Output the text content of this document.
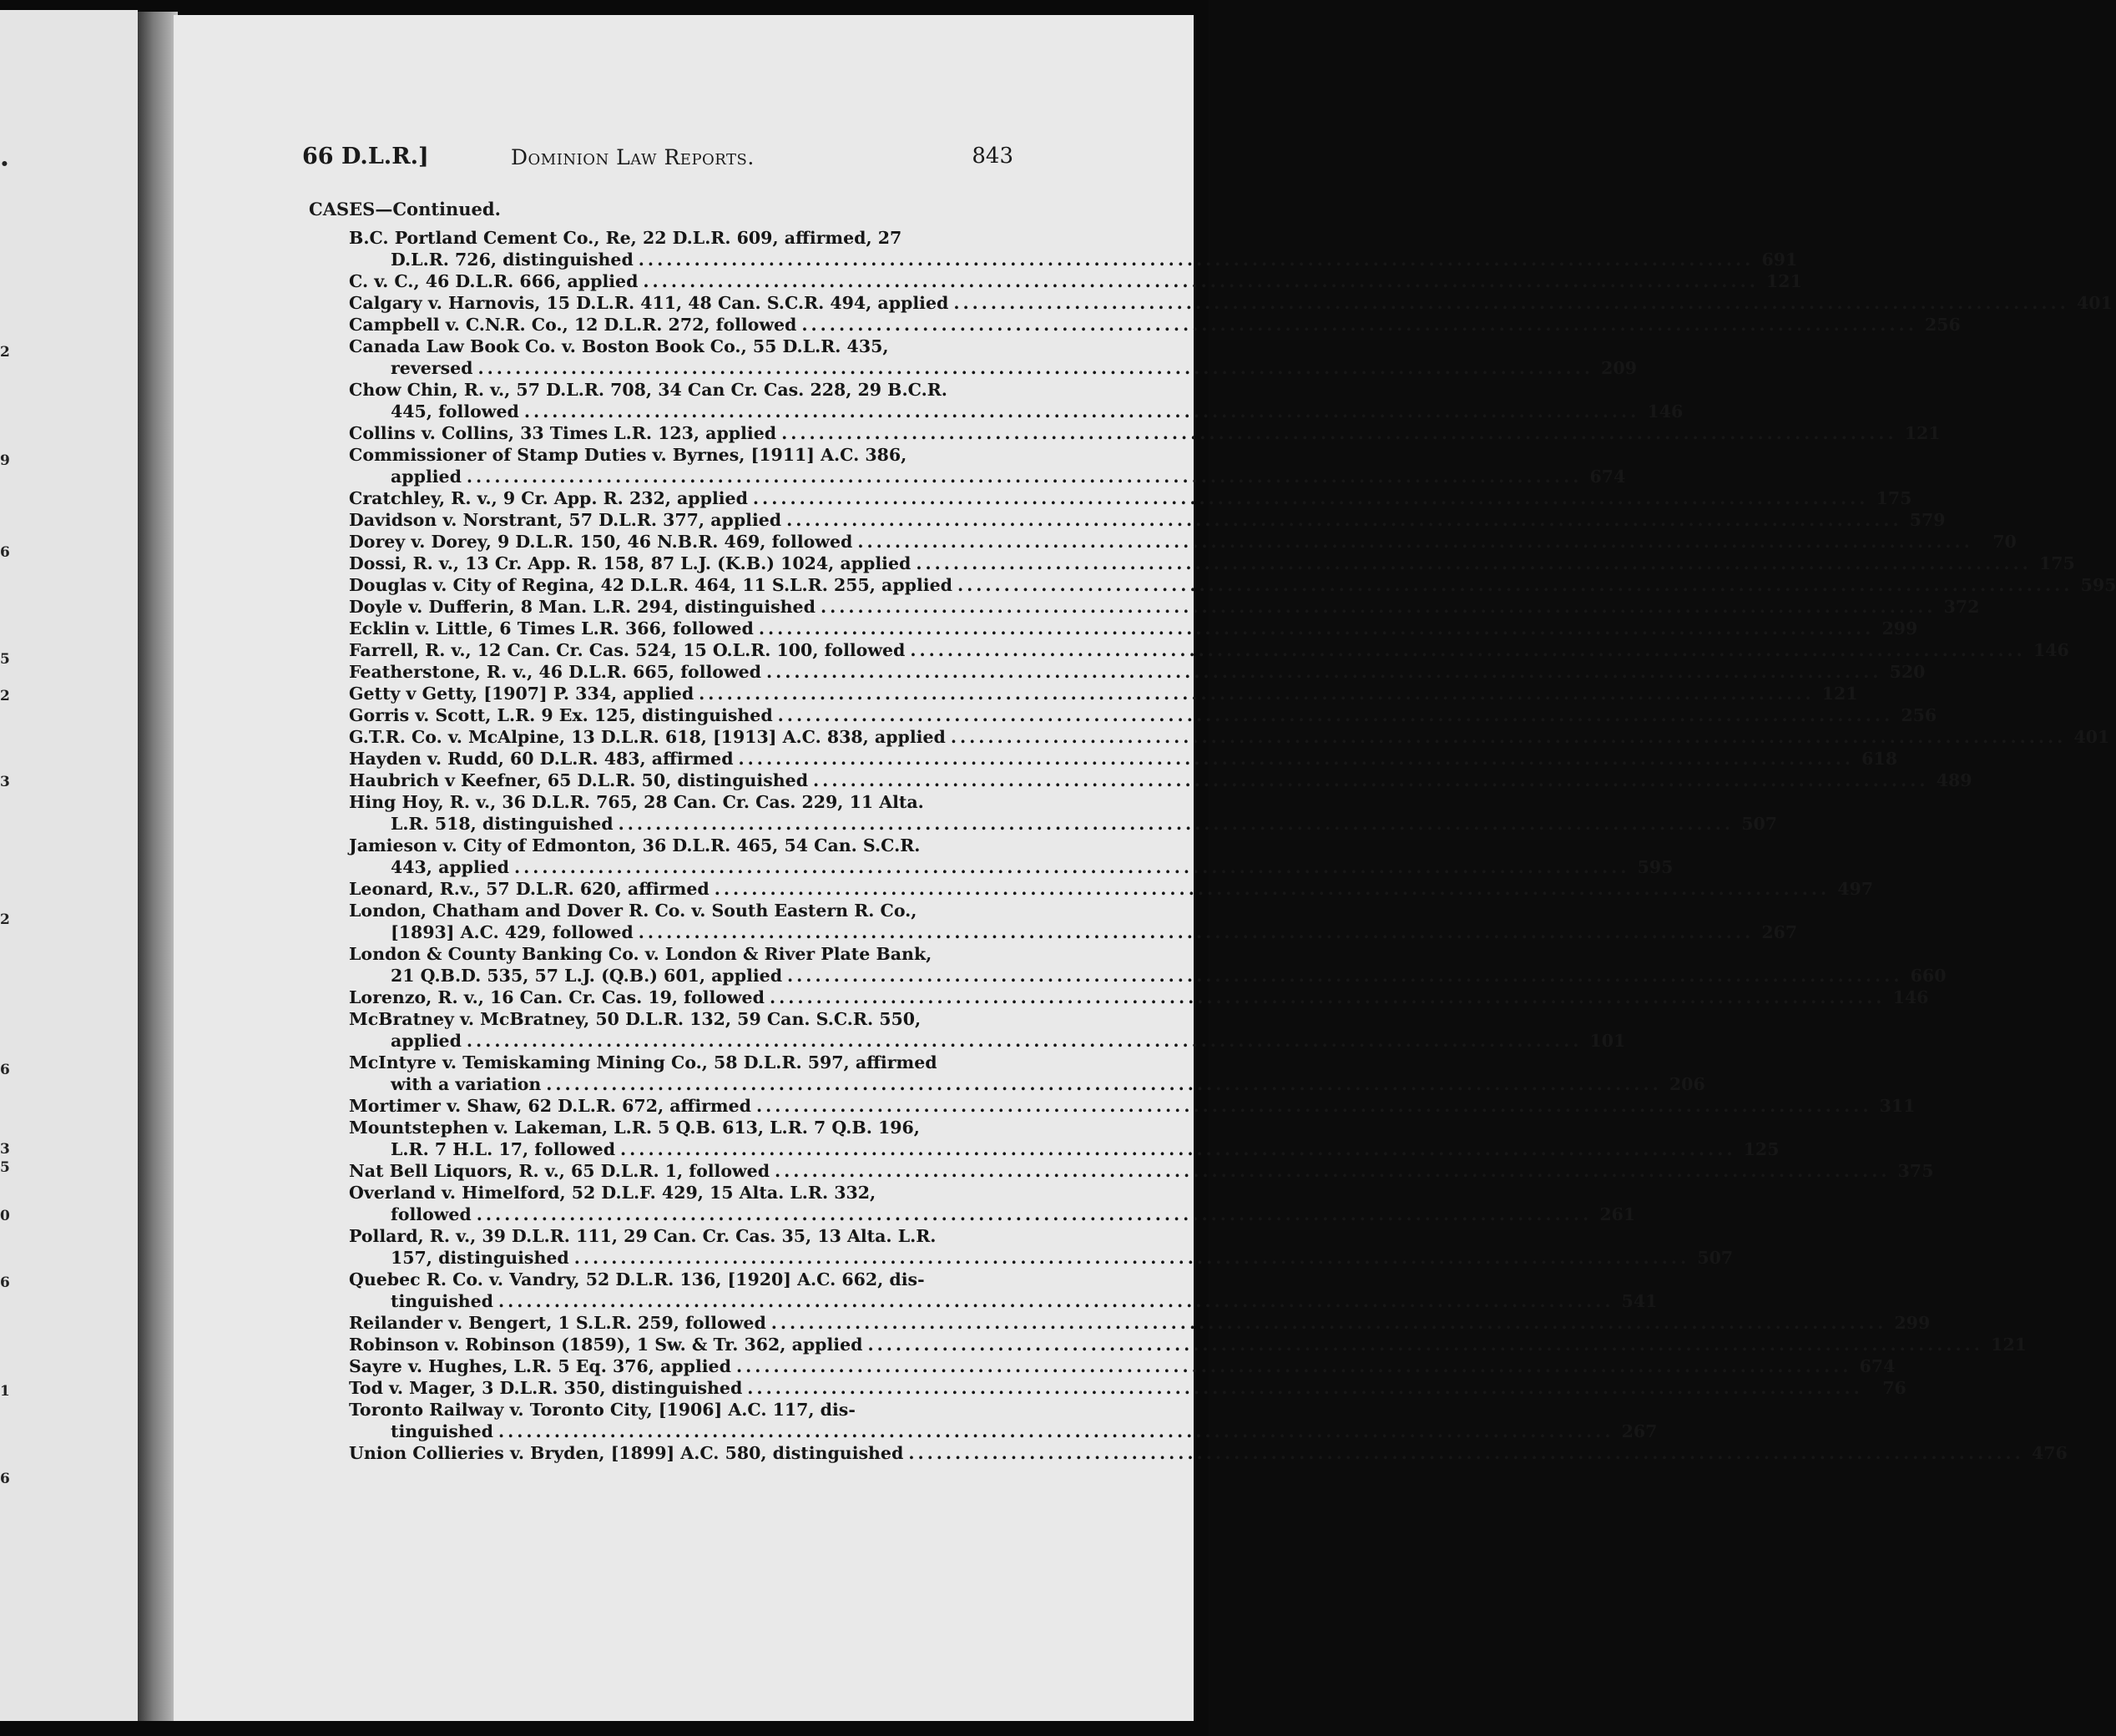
•
2
9
6
5
2
3
2
6
3
5
0
6
1
6
66 D.L.R.]	Dominion Law Reports.	843
CASES—Continued.
B.C. Portland Cement Co., Re, 22 D.L.R. 609, affirmed, 27
D.L.R. 726, distinguished ........................................................................................................................ 691
C. v. C., 46 D.L.R. 666, applied ........................................................................................................................ 121
Calgary v. Harnovis, 15 D.L.R. 411, 48 Can. S.C.R. 494, applied ........................................................................................................................ 401
Campbell v. C.N.R. Co., 12 D.L.R. 272, followed ........................................................................................................................ 256
Canada Law Book Co. v. Boston Book Co., 55 D.L.R. 435,
reversed ........................................................................................................................ 209
Chow Chin, R. v., 57 D.L.R. 708, 34 Can Cr. Cas. 228, 29 B.C.R.
445, followed ........................................................................................................................ 146
Collins v. Collins, 33 Times L.R. 123, applied ........................................................................................................................ 121
Commissioner of Stamp Duties v. Byrnes, [1911] A.C. 386,
applied ........................................................................................................................ 674
Cratchley, R. v., 9 Cr. App. R. 232, applied ........................................................................................................................ 175
Davidson v. Norstrant, 57 D.L.R. 377, applied ........................................................................................................................ 579
Dorey v. Dorey, 9 D.L.R. 150, 46 N.B.R. 469, followed ........................................................................................................................	70
Dossi, R. v., 13 Cr. App. R. 158, 87 L.J. (K.B.) 1024, applied ........................................................................................................................ 175
Douglas v. City of Regina, 42 D.L.R. 464, 11 S.L.R. 255, applied ........................................................................................................................ 595
Doyle v. Dufferin, 8 Man. L.R. 294, distinguished ........................................................................................................................ 372
Ecklin v. Little, 6 Times L.R. 366, followed ........................................................................................................................ 299
Farrell, R. v., 12 Can. Cr. Cas. 524, 15 O.L.R. 100, followed ........................................................................................................................ 146
Featherstone, R. v., 46 D.L.R. 665, followed ........................................................................................................................ 520
Getty v Getty, [1907] P. 334, applied ........................................................................................................................ 121
Gorris v. Scott, L.R. 9 Ex. 125, distinguished ........................................................................................................................ 256
G.T.R. Co. v. McAlpine, 13 D.L.R. 618, [1913] A.C. 838, applied ........................................................................................................................ 401
Hayden v. Rudd, 60 D.L.R. 483, affirmed ........................................................................................................................ 618
Haubrich v Keefner, 65 D.L.R. 50, distinguished ........................................................................................................................ 489
Hing Hoy, R. v., 36 D.L.R. 765, 28 Can. Cr. Cas. 229, 11 Alta.
L.R. 518, distinguished ........................................................................................................................ 507
Jamieson v. City of Edmonton, 36 D.L.R. 465, 54 Can. S.C.R.
443, applied ........................................................................................................................ 595
Leonard, R.v., 57 D.L.R. 620, affirmed ........................................................................................................................ 497
London, Chatham and Dover R. Co. v. South Eastern R. Co.,
[1893] A.C. 429, followed ........................................................................................................................ 267
London & County Banking Co. v. London & River Plate Bank,
21 Q.B.D. 535, 57 L.J. (Q.B.) 601, applied ........................................................................................................................ 660
Lorenzo, R. v., 16 Can. Cr. Cas. 19, followed ........................................................................................................................ 146
McBratney v. McBratney, 50 D.L.R. 132, 59 Can. S.C.R. 550,
applied ........................................................................................................................ 101
McIntyre v. Temiskaming Mining Co., 58 D.L.R. 597, affirmed
with a variation ........................................................................................................................ 206
Mortimer v. Shaw, 62 D.L.R. 672, affirmed ........................................................................................................................ 311
Mountstephen v. Lakeman, L.R. 5 Q.B. 613, L.R. 7 Q.B. 196,
L.R. 7 H.L. 17, followed ........................................................................................................................ 125
Nat Bell Liquors, R. v., 65 D.L.R. 1, followed ........................................................................................................................ 375
Overland v. Himelford, 52 D.L.F. 429, 15 Alta. L.R. 332,
followed ........................................................................................................................ 261
Pollard, R. v., 39 D.L.R. 111, 29 Can. Cr. Cas. 35, 13 Alta. L.R.
157, distinguished ........................................................................................................................ 507
Quebec R. Co. v. Vandry, 52 D.L.R. 136, [1920] A.C. 662, dis-
tinguished ........................................................................................................................ 541
Reilander v. Bengert, 1 S.L.R. 259, followed ........................................................................................................................ 299
Robinson v. Robinson (1859), 1 Sw. & Tr. 362, applied ........................................................................................................................ 121
Sayre v. Hughes, L.R. 5 Eq. 376, applied ........................................................................................................................ 674
Tod v. Mager, 3 D.L.R. 350, distinguished ........................................................................................................................	76
Toronto Railway v. Toronto City, [1906] A.C. 117, dis-
tinguished ........................................................................................................................ 267
Union Collieries v. Bryden, [1899] A.C. 580, distinguished ........................................................................................................................ 476
